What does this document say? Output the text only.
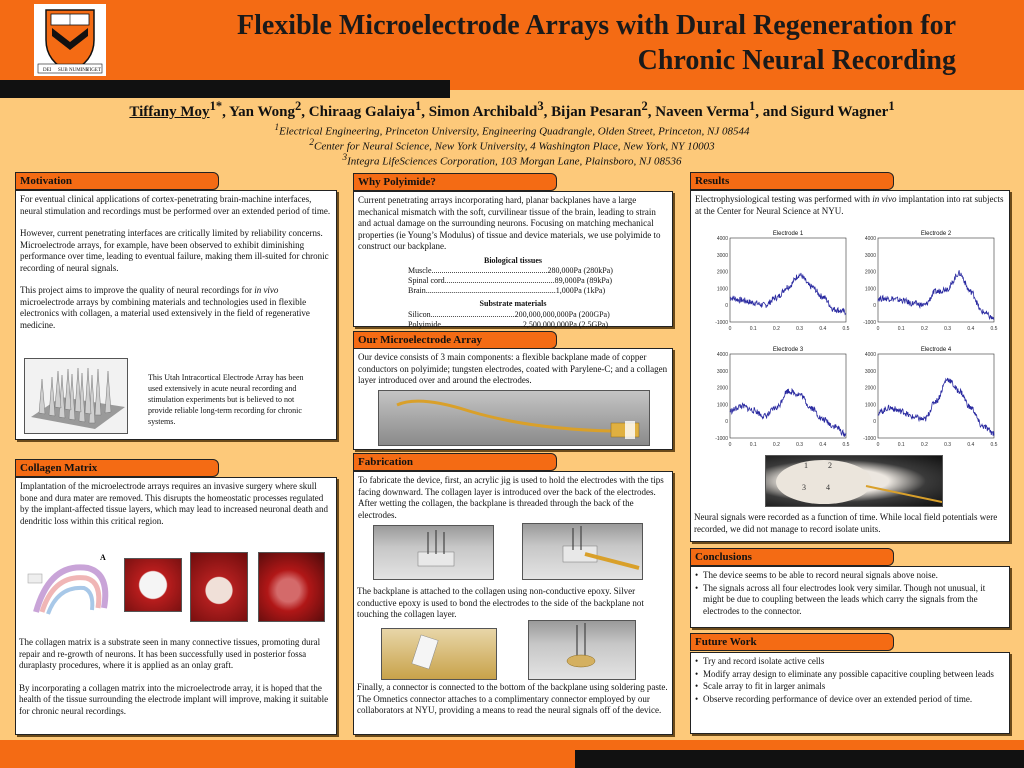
DEI SUB NUMINE
VIGET
Flexible Microelectrode Arrays with Dural Regeneration for
Chronic Neural Recording
Tiffany Moy$^{1*}$, Yan Wong$^2$, Chiraag Galaiya$^1$, Simon Archibald$^3$, Bijan Pesaran$^2$, Naveen Verma$^1$, and Sigurd Wagner$^1$
$^1$Electrical Engineering, Princeton University, Engineering Quadrangle, Olden Street, Princeton, NJ 08544
$^2$Center for Neural Science, New York University, 4 Washington Place, New York, NY 10003
$^3$Integra LifeSciences Corporation, 103 Morgan Lane, Plainsboro, NJ 08536
Motivation

For eventual clinical applications of cortex-penetrating brain-machine interfaces, neural stimulation and recordings must be performed over an extended period of time.

However, current penetrating interfaces are critically limited by reliability concerns. Microelectrode arrays, for example, have been observed to exhibit diminishing performance over time, leading to eventual failure, making them ill-suited for chronic recording of neural signals.

This project aims to improve the quality of neural recordings for in vivo microelectrode arrays by combining materials and technologies used in flexible electronics with collagen, a material used extensively in the field of regenerative medicine.

This Utah Intracortical Electrode Array has been used extensively in acute neural recording and stimulation experiments but is believed to not provide reliable long-term recording for chronic systems.
Collagen Matrix

Implantation of the microelectrode arrays requires an invasive surgery where skull bone and dura mater are removed. This disrupts the homeostatic processes regulated by the implant-affected tissue layers, which may lead to increased neuronal death and dendritic loss within this critical region.

A

The collagen matrix is a substrate seen in many connective tissues, promoting dural repair and re-growth of neurons. It has been successfully used in posterior fossa duraplasty procedures, where it is applied as an onlay graft.

By incorporating a collagen matrix into the microelectrode array, it is hoped that the health of the tissue surrounding the electrode implant will improve, making it suitable for chronic neural recordings.

Why Polyimide?

Current penetrating arrays incorporating hard, planar backplanes have a large mechanical mismatch with the soft, curvilinear tissue of the brain, leading to strain and actual damage on the surrounding neurons. Focusing on matching mechanical properties (ie Young’s Modulus) of tissue and device materials, we use polyimide to construct our backplane.

Biological tissues
Muscle..........................................................280,000Pa (280kPa)
Spinal cord.......................................................89,000Pa (89kPa)
Brain.................................................................1,000Pa (1kPa)
Substrate materials
Silicon..........................................200,000,000,000Pa (200GPa)
Polyimide.........................................2,500,000,000Pa (2.5GPa)
Our Microelectrode Array

Our device consists of 3 main components: a flexible backplane made of copper conductors on polyimide; tungsten electrodes, coated with Parylene-C; and a collagen layer introduced over and around the electrodes.

Fabrication

To fabricate the device, first, an acrylic jig is used to hold the electrodes with the tips facing downward. The collagen layer is introduced over the back of the electrodes. After wetting the collagen, the backplane is threaded through the back of the electrodes.

The backplane is attached to the collagen using non-conductive epoxy. Silver conductive epoxy is used to bond the electrodes to the side of the backplane not touching the collagen layer.
Finally, a connector is connected to the bottom of the backplane using soldering paste. The Omnetics connector attaches to a complimentary connector employed by our collaborators at NYU, providing a means to read the neural signals off of the device.
Results

Electrophysiological testing was performed with in vivo implantation into rat subjects at the Center for Neural Science at NYU.

Electrode 1
-1000
0
1000
2000
3000
4000
0	0.1	0.2	0.3	0.4	0.5
Electrode 2
-1000
0
1000
2000
3000
4000
0	0.1	0.2	0.3	0.4	0.5
Electrode 3
-1000
0
1000
2000
3000
4000
0	0.1	0.2	0.3	0.4	0.5
Electrode 4
-1000
0
1000
2000
3000
4000
0	0.1	0.2	0.3	0.4	0.5
1	2
3	4
Neural signals were recorded as a function of time. While local field potentials were recorded, we did not manage to record isolate units.
Conclusions
• The device seems to be able to record neural signals above noise.
• The signals across all four electrodes look very similar. Though not unusual, it might be due to coupling between the leads which carry the signals from the electrodes to the connector.
Future Work
• Try and record isolate active cells
• Modify array design to eliminate any possible capacitive coupling between leads
• Scale array to fit in larger animals
• Observe recording performance of device over an extended period of time.
